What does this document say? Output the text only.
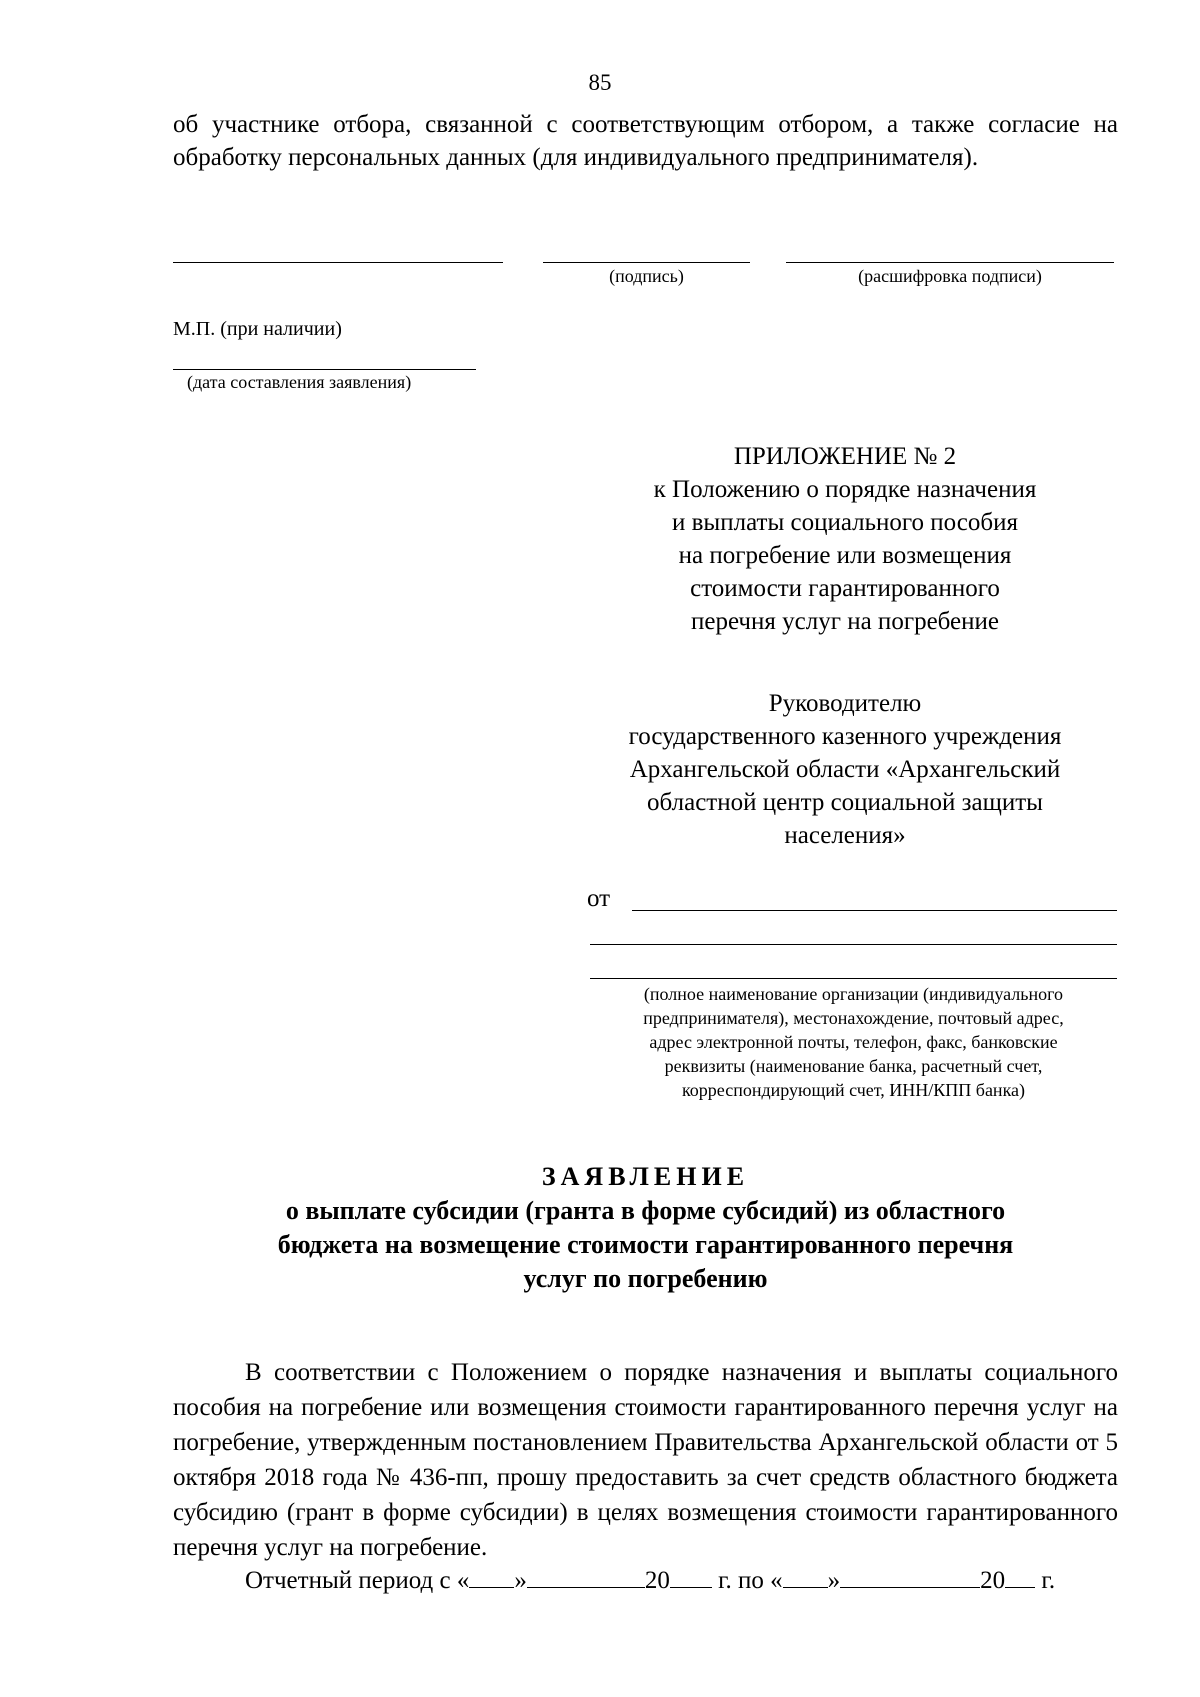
85
об участнике отбора, связанной с соответствующим отбором, а также согласие на обработку персональных данных (для индивидуального предпринимателя).
(подпись)	(расшифровка подписи)
М.П. (при наличии)
(дата составления заявления)
ПРИЛОЖЕНИЕ № 2
к Положению о порядке назначения
и выплаты социального пособия
на погребение или возмещения
стоимости гарантированного
перечня услуг на погребение
Руководителю
государственного казенного учреждения
Архангельской области «Архангельский
областной центр социальной защиты
населения»
от
(полное наименование организации (индивидуального
предпринимателя), местонахождение, почтовый адрес,
адрес электронной почты, телефон, факс, банковские
реквизиты (наименование банка, расчетный счет,
корреспондирующий счет, ИНН/КПП банка)
ЗАЯВЛЕНИЕ
о выплате субсидии (гранта в форме субсидий) из областного
бюджета на возмещение стоимости гарантированного перечня
услуг по погребению
В соответствии с Положением о порядке назначения и выплаты социального пособия на погребение или возмещения стоимости гарантированного перечня услуг на погребение, утвержденным постановлением Правительства Архангельской области от 5 октября 2018 года № 436-пп, прошу предоставить за счет средств областного бюджета субсидию (грант в форме субсидии) в целях возмещения стоимости гарантированного перечня услуг на погребение.
Отчетный период с « »	20 г. по « »	20 г.
